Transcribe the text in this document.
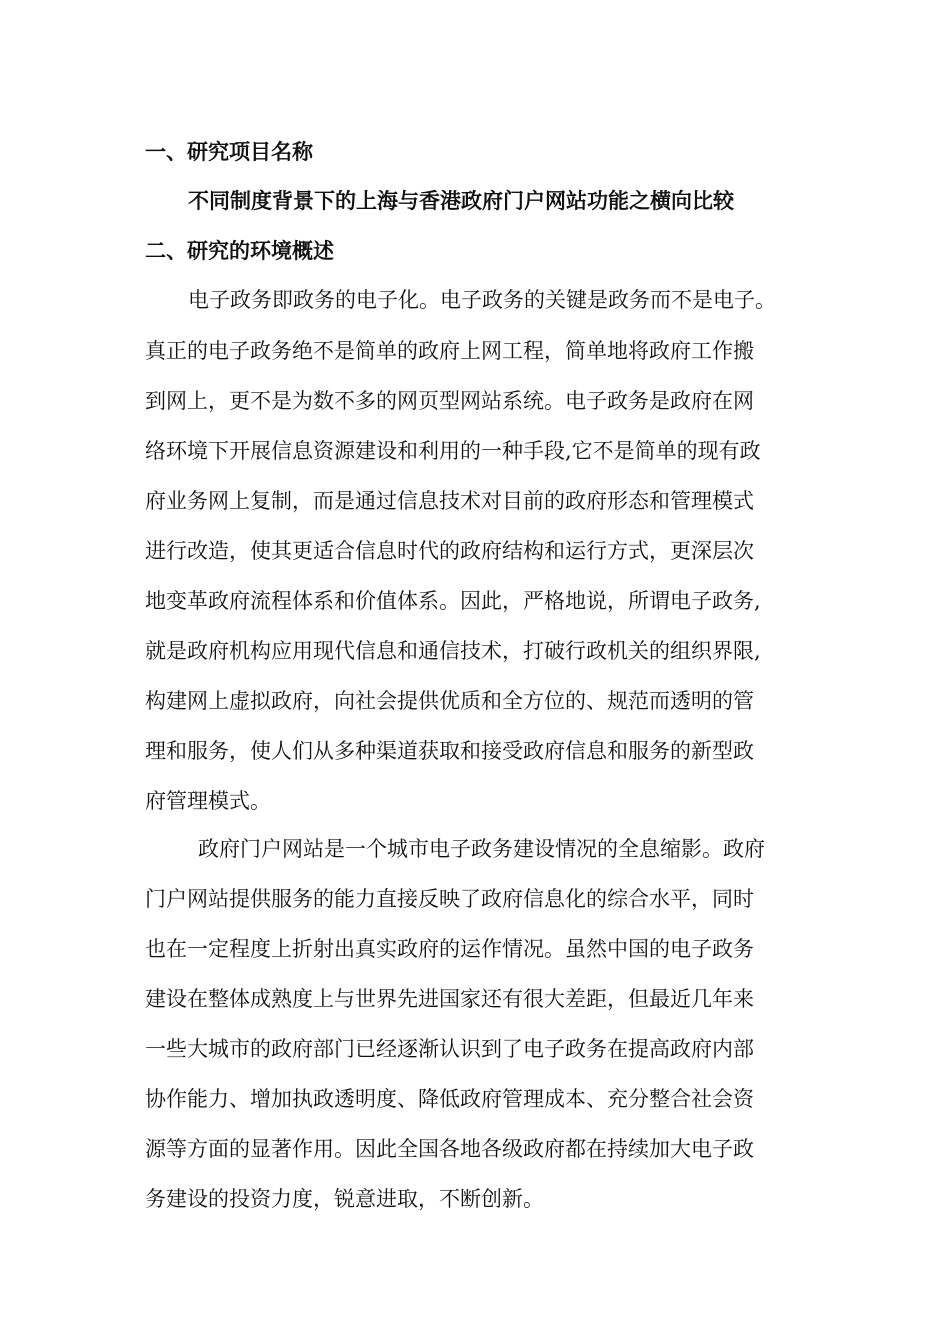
一、研究项目名称
不同制度背景下的上海与香港政府门户网站功能之横向比较
二、研究的环境概述
电子政务即政务的电子化。电子政务的关键是政务而不是电子。
真正的电子政务绝不是简单的政府上网工程，简单地将政府工作搬
到网上，更不是为数不多的网页型网站系统。电子政务是政府在网
络环境下开展信息资源建设和利用的一种手段,它不是简单的现有政
府业务网上复制，而是通过信息技术对目前的政府形态和管理模式
进行改造，使其更适合信息时代的政府结构和运行方式，更深层次
地变革政府流程体系和价值体系。因此，严格地说，所谓电子政务,
就是政府机构应用现代信息和通信技术，打破行政机关的组织界限,
构建网上虚拟政府，向社会提供优质和全方位的、规范而透明的管
理和服务，使人们从多种渠道获取和接受政府信息和服务的新型政
府管理模式。
政府门户网站是一个城市电子政务建设情况的全息缩影。政府
门户网站提供服务的能力直接反映了政府信息化的综合水平，同时
也在一定程度上折射出真实政府的运作情况。虽然中国的电子政务
建设在整体成熟度上与世界先进国家还有很大差距，但最近几年来
一些大城市的政府部门已经逐渐认识到了电子政务在提高政府内部
协作能力、增加执政透明度、降低政府管理成本、充分整合社会资
源等方面的显著作用。因此全国各地各级政府都在持续加大电子政
务建设的投资力度，锐意进取，不断创新。
